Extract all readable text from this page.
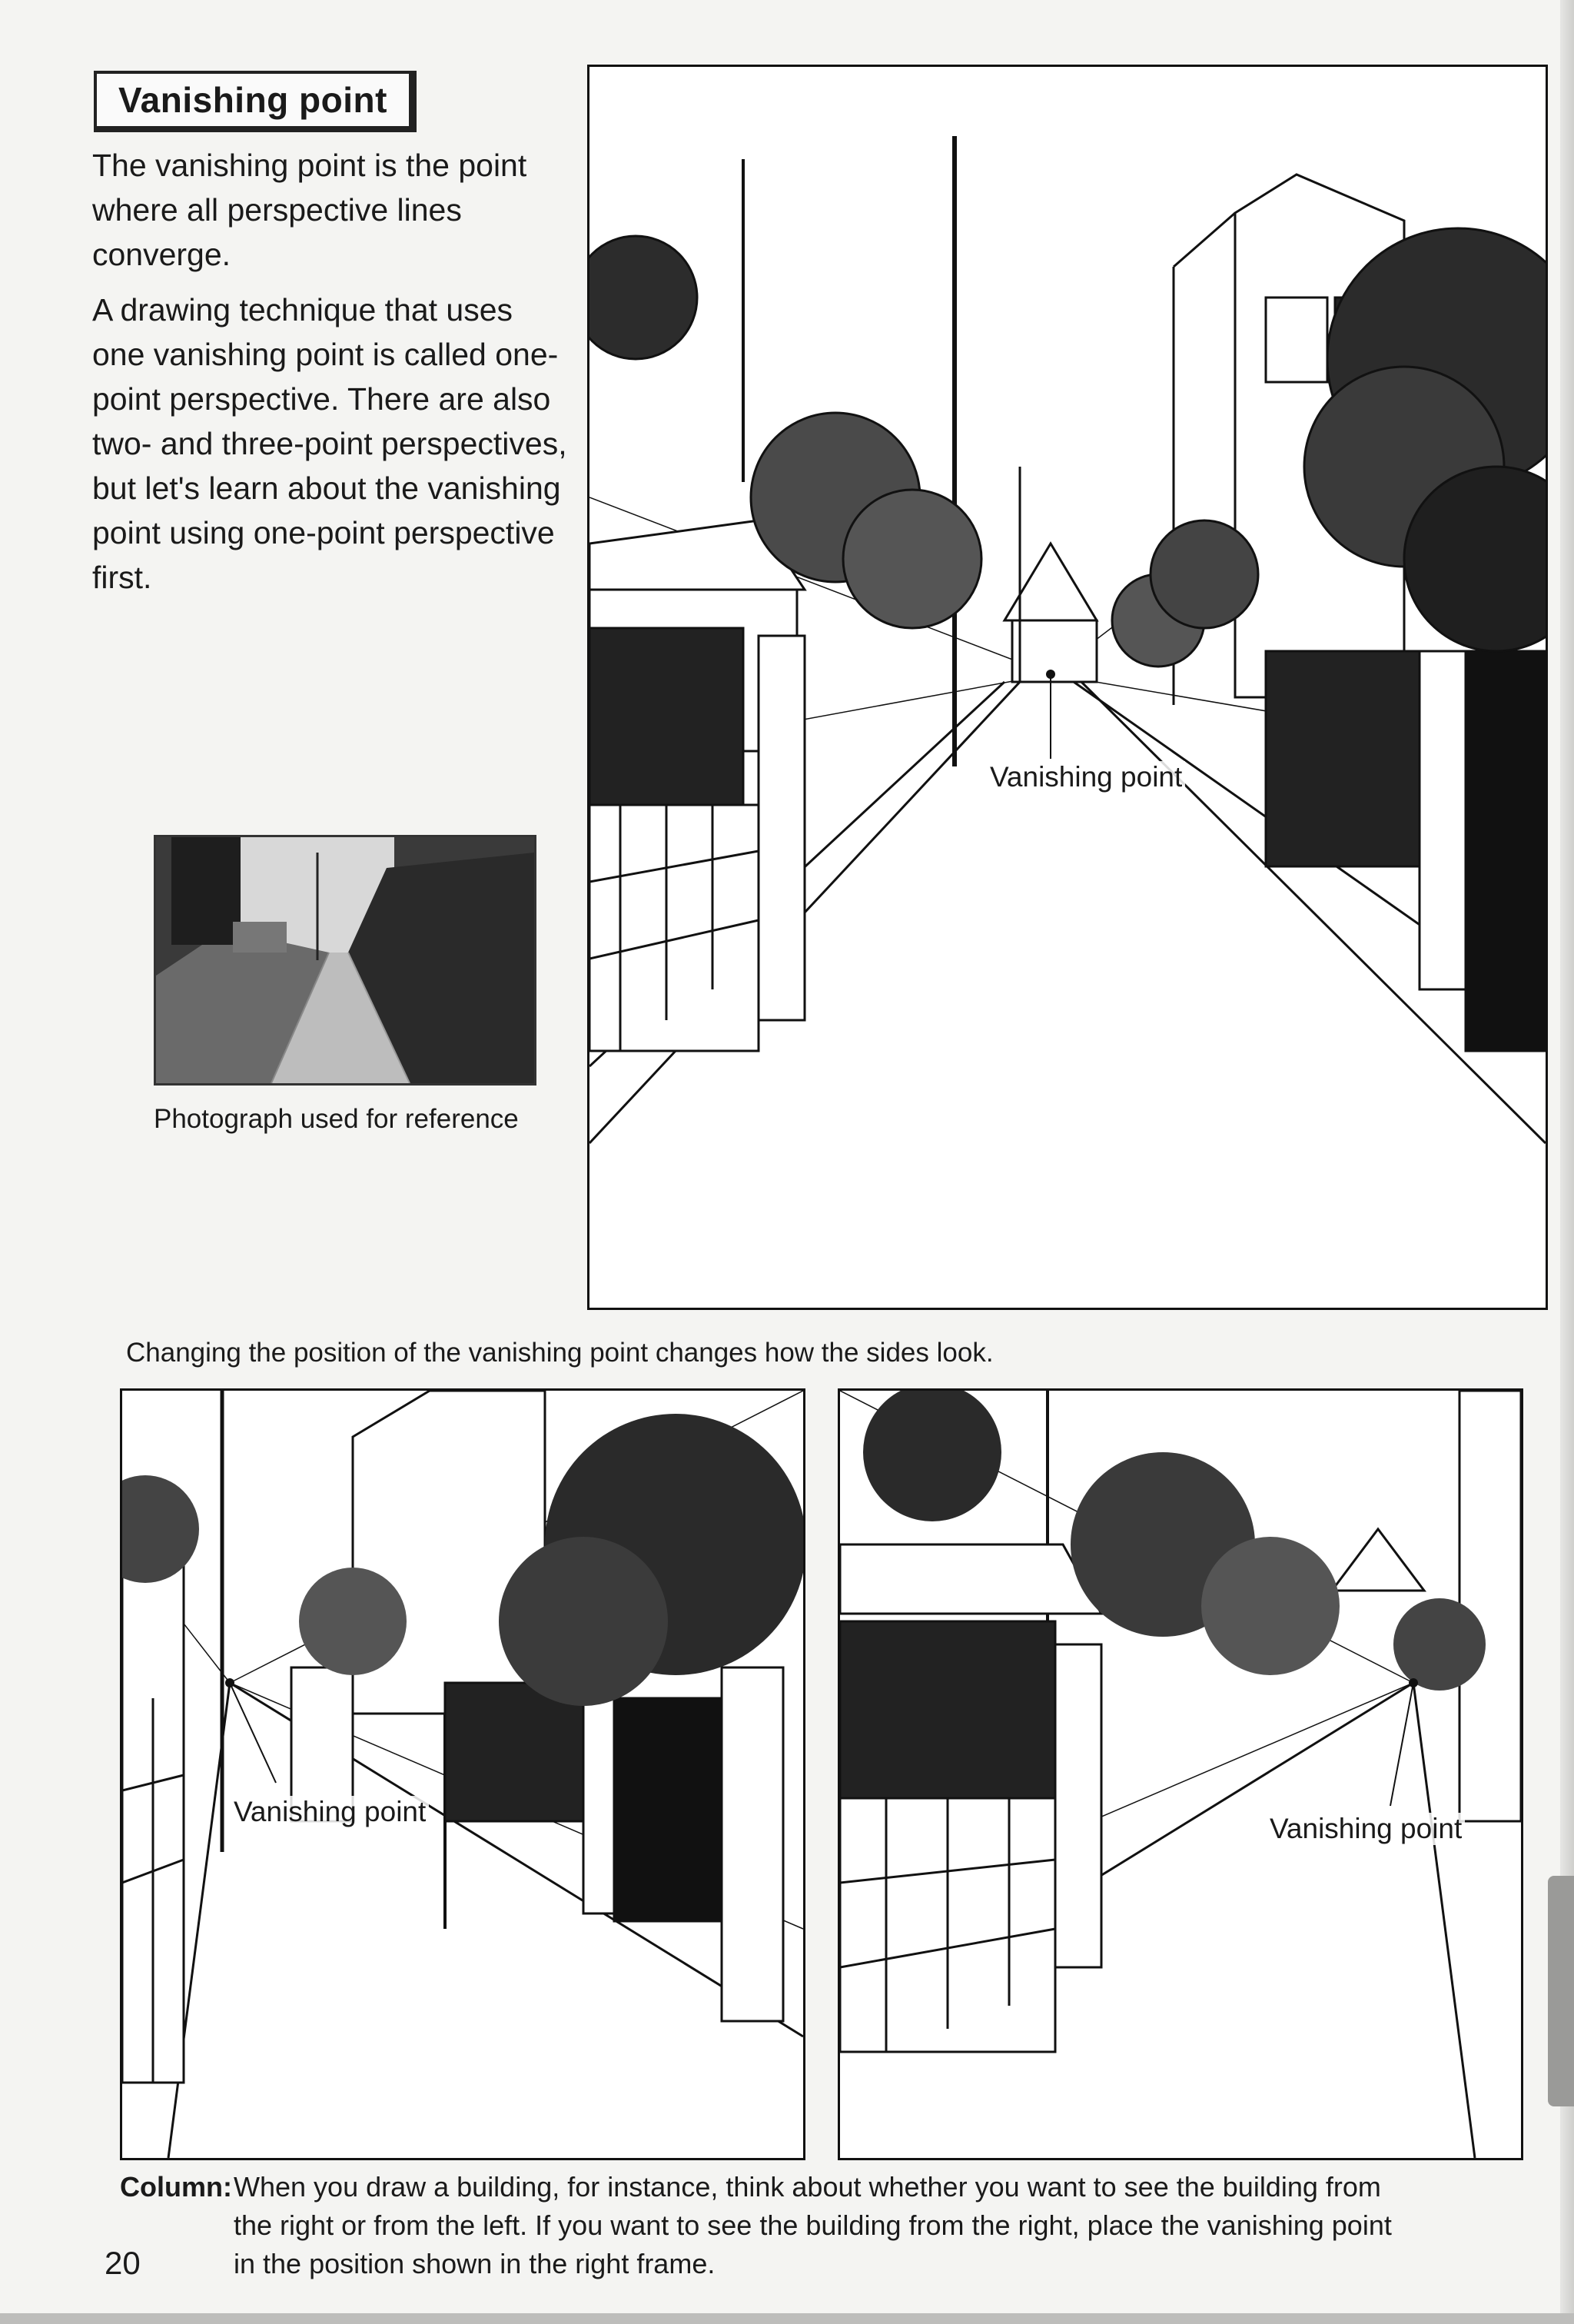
Vanishing point

The vanishing point is the point where all perspective lines converge.

A drawing technique that uses one vanishing point is called one-point perspective. There are also two- and three-point perspectives, but let's learn about the vanishing point using one-point perspective first.

Photograph used for reference
Vanishing point
Changing the position of the vanishing point changes how the sides look.
Vanishing point
Vanishing point
Column: When you draw a building, for instance, think about whether you want to see the building from
the right or from the left. If you want to see the building from the right, place the vanishing point
in the position shown in the right frame.
20
